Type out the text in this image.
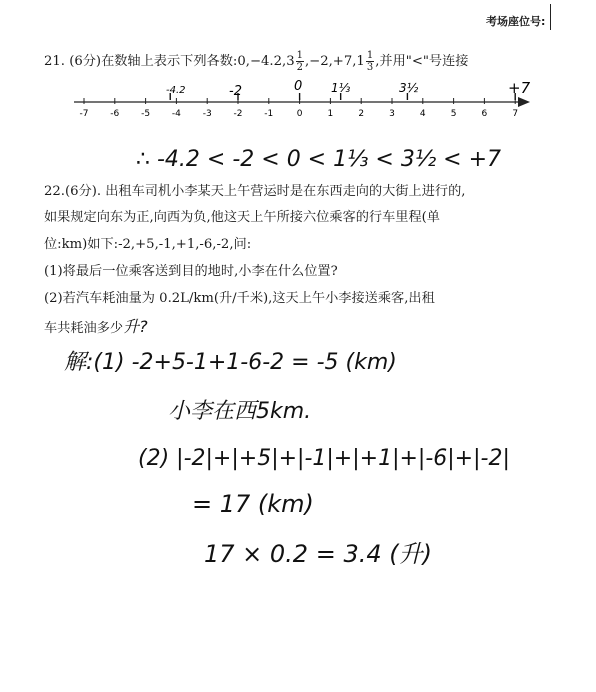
考场座位号:
21. (6分)在数轴上表示下列各数:0,−4.2,3 $\frac{1}{2} ,-2,+7,1 \frac{1}{3}$ ,并用"<"号连接
-7 -6 -5 -4 -3 -2 -1	0	1	2	3	4	5	6	7
-4.2	-2	0 1⅓	3½	+7
∴ -4.2 < -2 < 0 < 1⅓ < 3½ < +7
22.(6分). 出租车司机小李某天上午营运时是在东西走向的大街上进行的,
如果规定向东为正,向西为负,他这天上午所接六位乘客的行车里程(单
位:km)如下:-2,+5,-1,+1,-6,-2,问:
(1)将最后一位乘客送到目的地时,小李在什么位置?
(2)若汽车耗油量为 0.2L/km(升/千米),这天上午小李接送乘客,出租
车共耗油多少升?
解:(1) -2+5-1+1-6-2 = -5 (km)
小李在西5km.
(2) |-2|+|+5|+|-1|+|+1|+|-6|+|-2|
= 17 (km)
17 × 0.2 = 3.4 (升)
